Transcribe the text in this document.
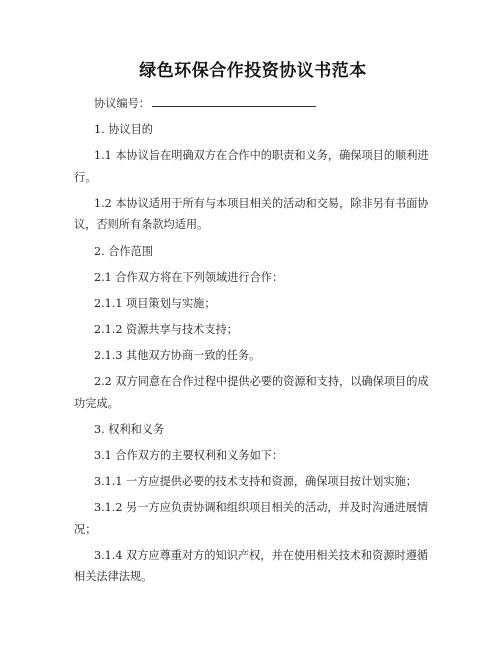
绿色环保合作投资协议书范本
协议编号：

1. 协议目的

1.1 本协议旨在明确双方在合作中的职责和义务，确保项目的顺利进行。

1.2 本协议适用于所有与本项目相关的活动和交易，除非另有书面协议，否则所有条款均适用。

2. 合作范围

2.1 合作双方将在下列领域进行合作：

2.1.1 项目策划与实施；

2.1.2 资源共享与技术支持；

2.1.3 其他双方协商一致的任务。

2.2 双方同意在合作过程中提供必要的资源和支持，以确保项目的成功完成。

3. 权利和义务

3.1 合作双方的主要权利和义务如下：

3.1.1 一方应提供必要的技术支持和资源，确保项目按计划实施；

3.1.2 另一方应负责协调和组织项目相关的活动，并及时沟通进展情况；

3.1.4 双方应尊重对方的知识产权，并在使用相关技术和资源时遵循相关法律法规。
